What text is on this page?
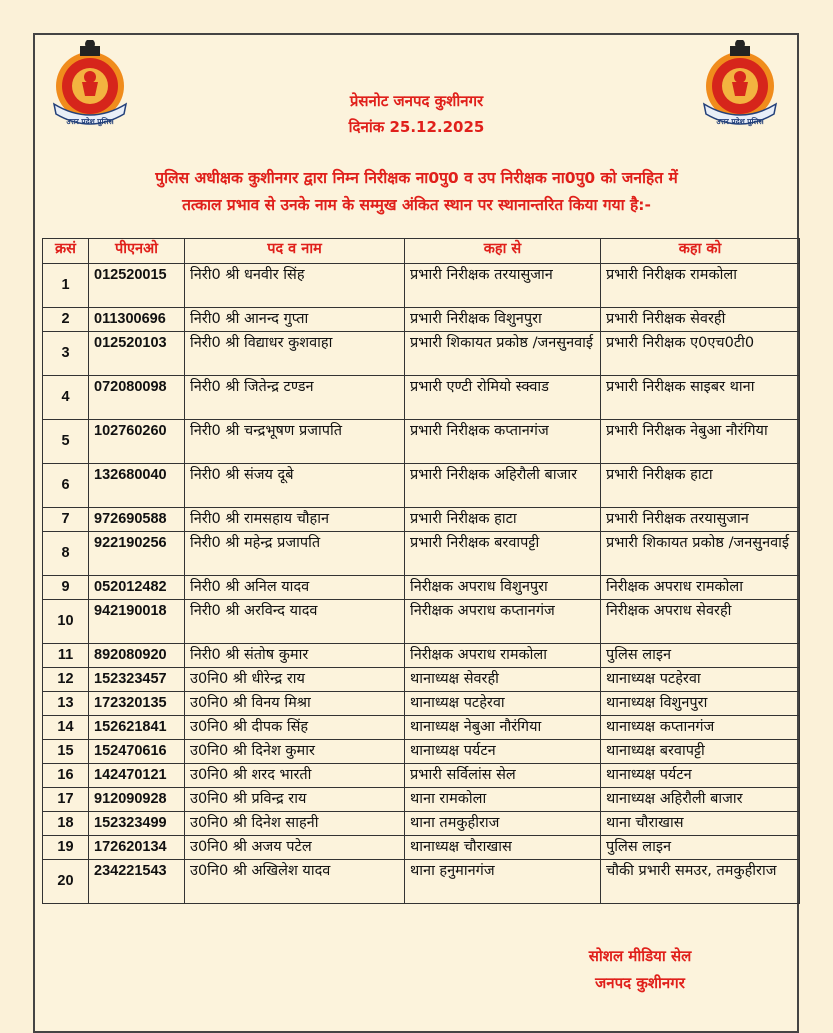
उत्तर प्रदेश पुलिस	उत्तर प्रदेश पुलिस
प्रेसनोट जनपद कुशीनगर
दिनांक 25.12.2025
पुलिस अधीक्षक कुशीनगर द्वारा निम्न निरीक्षक ना0पु0 व उप निरीक्षक ना0पु0 को जनहित में
तत्काल प्रभाव से उनके नाम के सम्मुख अंकित स्थान पर स्थानान्तरित किया गया है:-
क्रसं	पीएनओ	पद व नाम	कहा से	कहा को
1	012520015	निरी0 श्री धनवीर सिंह	प्रभारी निरीक्षक तरयासुजान	प्रभारी निरीक्षक रामकोला
2	011300696	निरी0 श्री आनन्द गुप्ता	प्रभारी निरीक्षक विशुनपुरा	प्रभारी निरीक्षक सेवरही
3	012520103	निरी0 श्री विद्याधर कुशवाहा	प्रभारी शिकायत प्रकोष्ठ /जनसुनवाई	प्रभारी निरीक्षक ए0एच0टी0
4	072080098	निरी0 श्री जितेन्द्र टण्डन	प्रभारी एण्टी रोमियो स्क्वाड	प्रभारी निरीक्षक साइबर थाना
5	102760260	निरी0 श्री चन्द्रभूषण प्रजापति	प्रभारी निरीक्षक कप्तानगंज	प्रभारी निरीक्षक नेबुआ नौरंगिया
6	132680040	निरी0 श्री संजय दूबे	प्रभारी निरीक्षक अहिरौली बाजार	प्रभारी निरीक्षक हाटा
7	972690588	निरी0 श्री रामसहाय चौहान	प्रभारी निरीक्षक हाटा	प्रभारी निरीक्षक तरयासुजान
8	922190256	निरी0 श्री महेन्द्र प्रजापति	प्रभारी निरीक्षक बरवापट्टी	प्रभारी शिकायत प्रकोष्ठ /जनसुनवाई
9	052012482	निरी0 श्री अनिल यादव	निरीक्षक अपराध विशुनपुरा	निरीक्षक अपराध रामकोला
10	942190018	निरी0 श्री अरविन्द यादव	निरीक्षक अपराध कप्तानगंज	निरीक्षक अपराध सेवरही
11	892080920	निरी0 श्री संतोष कुमार	निरीक्षक अपराध रामकोला	पुलिस लाइन
12	152323457	उ0नि0 श्री धीरेन्द्र राय	थानाध्यक्ष सेवरही	थानाध्यक्ष पटहेरवा
13	172320135	उ0नि0 श्री विनय मिश्रा	थानाध्यक्ष पटहेरवा	थानाध्यक्ष विशुनपुरा
14	152621841	उ0नि0 श्री दीपक सिंह	थानाध्यक्ष नेबुआ नौरंगिया	थानाध्यक्ष कप्तानगंज
15	152470616	उ0नि0 श्री दिनेश कुमार	थानाध्यक्ष पर्यटन	थानाध्यक्ष बरवापट्टी
16	142470121	उ0नि0 श्री शरद भारती	प्रभारी सर्विलांस सेल	थानाध्यक्ष पर्यटन
17	912090928	उ0नि0 श्री प्रविन्द्र राय	थाना रामकोला	थानाध्यक्ष अहिरौली बाजार
18	152323499	उ0नि0 श्री दिनेश साहनी	थाना तमकुहीराज	थाना चौराखास
19	172620134	उ0नि0 श्री अजय पटेल	थानाध्यक्ष चौराखास	पुलिस लाइन
20	234221543	उ0नि0 श्री अखिलेश यादव	थाना हनुमानगंज	चौकी प्रभारी समउर, तमकुहीराज
सोशल मीडिया सेल
जनपद कुशीनगर
